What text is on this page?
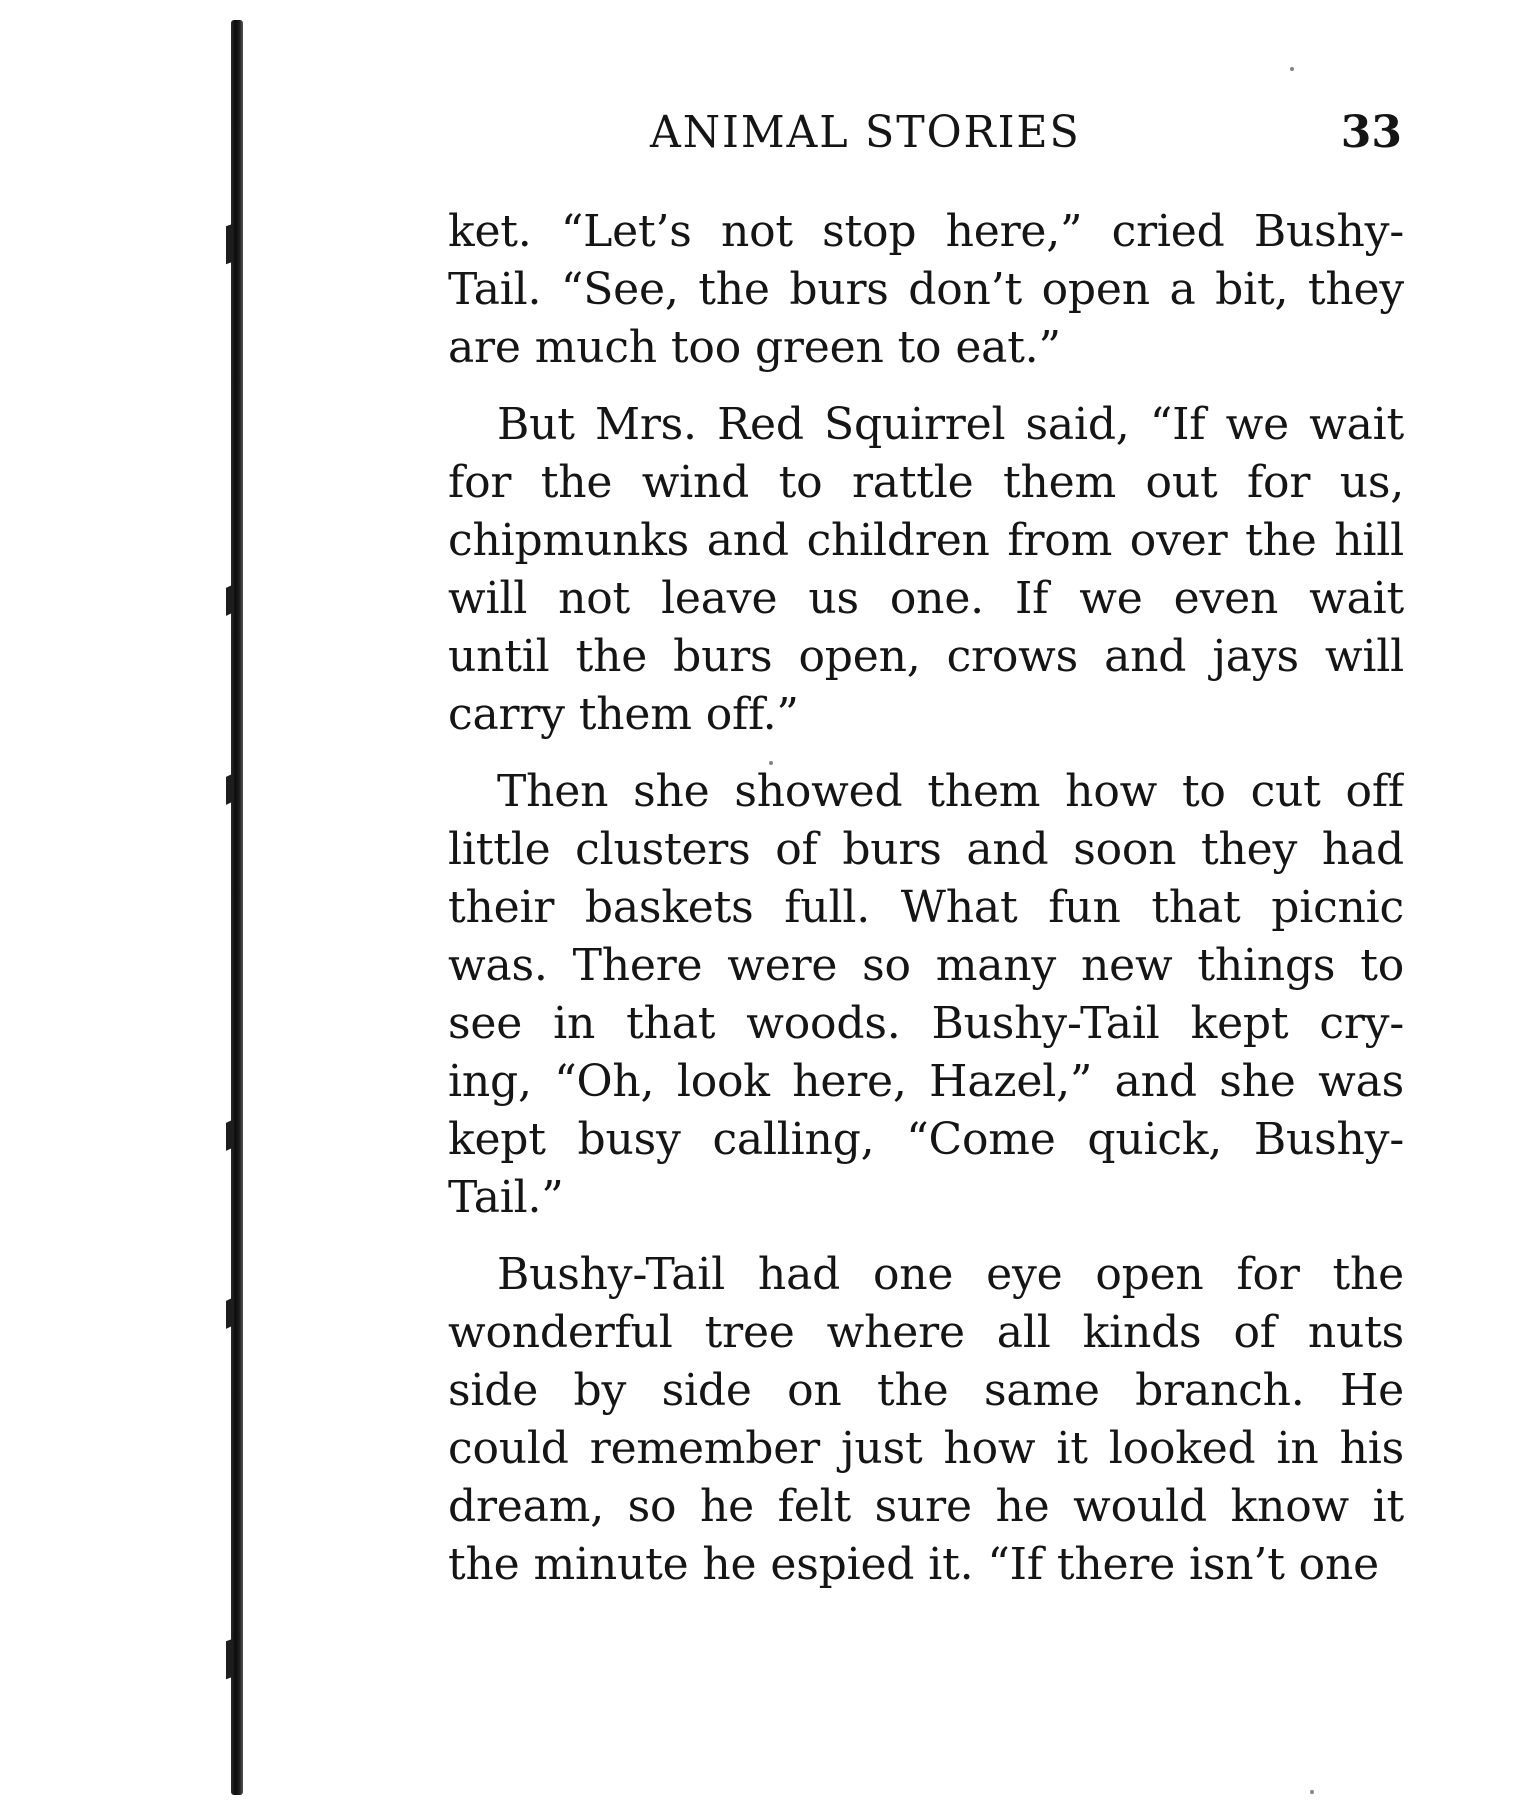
ANIMAL STORIES	33

ket. “Let’s not stop here,” cried Bushy-
Tail. “See, the burs don’t open a bit, they
are much too green to eat.”

But Mrs. Red Squirrel said, “If we wait
for the wind to rattle them out for us,
chipmunks and children from over the hill
will not leave us one. If we even wait
until the burs open, crows and jays will
carry them off.”

Then she showed them how to cut off
little clusters of burs and soon they had
their baskets full. What fun that picnic
was. There were so many new things to
see in that woods. Bushy-Tail kept cry-
ing, “Oh, look here, Hazel,” and she was
kept busy calling, “Come quick, Bushy-
Tail.”

Bushy-Tail had one eye open for the
wonderful tree where all kinds of nuts
side by side on the same branch. He
could remember just how it looked in his
dream, so he felt sure he would know it
the minute he espied it. “If there isn’t one
